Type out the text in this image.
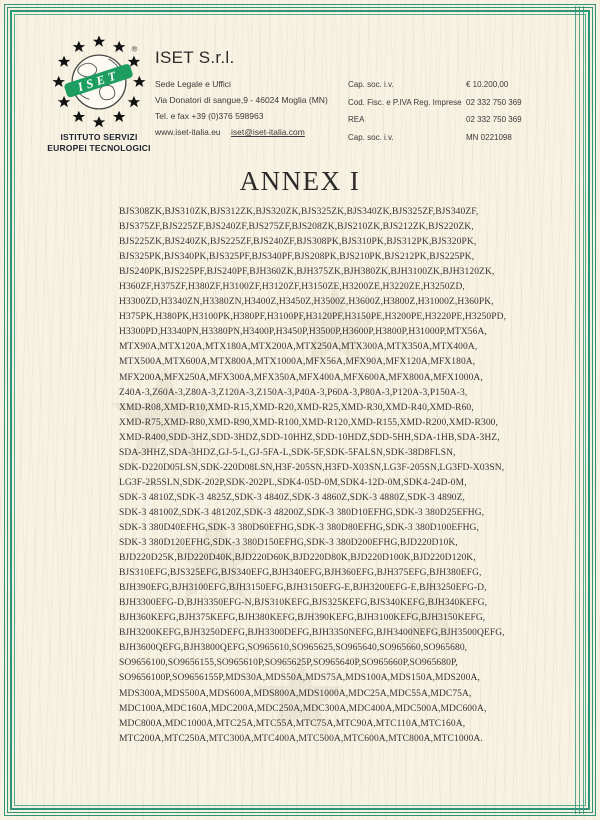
ISET
®
ISTITUTO SERVIZI
EUROPEI TECNOLOGICI
ISET S.r.l.
Sede Legale e Uffici
Via Donatori di sangue,9 - 46024 Moglia (MN)
Tel. e fax +39 (0)376 598963
www.iset-italia.eu iset@iset-italia.com
Cap. soc. i.v.	€ 10.200,00
Cod. Fisc. e P.IVA Reg. Imprese 02 332 750 369
REA	02 332 750 369
Cap. soc. i.v.	MN 0221098
ANNEX I
BJS308ZK,BJS310ZK,BJS312ZK,BJS320ZK,BJS325ZK,BJS340ZK,BJS325ZF,BJS340ZF,
BJS375ZF,BJS225ZF,BJS240ZF,BJS275ZF,BJS208ZK,BJS210ZK,BJS212ZK,BJS220ZK,
BJS225ZK,BJS240ZK,BJS225ZF,BJS240ZF,BJS308PK,BJS310PK,BJS312PK,BJS320PK,
BJS325PK,BJS340PK,BJS325PF,BJS340PF,BJS208PK,BJS210PK,BJS212PK,BJS225PK,
BJS240PK,BJS225PF,BJS240PF,BJH360ZK,BJH375ZK,BJH380ZK,BJH3100ZK,BJH3120ZK,
H360ZF,H375ZF,H380ZF,H3100ZF,H3120ZF,H3150ZE,H3200ZE,H3220ZE,H3250ZD,
H3300ZD,H3340ZN,H3380ZN,H3400Z,H3450Z,H3500Z,H3600Z,H3800Z,H31000Z,H360PK,
H375PK,H380PK,H3100PK,H380PF,H3100PF,H3120PF,H3150PE,H3200PE,H3220PE,H3250PD,
H3300PD,H3340PN,H3380PN,H3400P,H3450P,H3500P,H3600P,H3800P,H31000P,MTX56A,
MTX90A,MTX120A,MTX180A,MTX200A,MTX250A,MTX300A,MTX350A,MTX400A,
MTX500A,MTX600A,MTX800A,MTX1000A,MFX56A,MFX90A,MFX120A,MFX180A,
MFX200A,MFX250A,MFX300A,MFX350A,MFX400A,MFX600A,MFX800A,MFX1000A,
Z40A-3,Z60A-3,Z80A-3,Z120A-3,Z150A-3,P40A-3,P60A-3,P80A-3,P120A-3,P150A-3,
XMD-R08,XMD-R10,XMD-R15,XMD-R20,XMD-R25,XMD-R30,XMD-R40,XMD-R60,
XMD-R75,XMD-R80,XMD-R90,XMD-R100,XMD-R120,XMD-R155,XMD-R200,XMD-R300,
XMD-R400,SDD-3HZ,SDD-3HDZ,SDD-10HHZ,SDD-10HDZ,SDD-5HH,SDA-1HB,SDA-3HZ,
SDA-3HHZ,SDA-3HDZ,GJ-5-L,GJ-5FA-L,SDK-5F,SDK-5FALSN,SDK-38D8FLSN,
SDK-D220D05LSN,SDK-220D08LSN,H3F-205SN,H3FD-X03SN,LG3F-205SN,LG3FD-X03SN,
LG3F-2R5SLN,SDK-202P,SDK-202PL,SDK4-05D-0M,SDK4-12D-0M,SDK4-24D-0M,
SDK-3 4810Z,SDK-3 4825Z,SDK-3 4840Z,SDK-3 4860Z,SDK-3 4880Z,SDK-3 4890Z,
SDK-3 48100Z,SDK-3 48120Z,SDK-3 48200Z,SDK-3 380D10EFHG,SDK-3 380D25EFHG,
SDK-3 380D40EFHG,SDK-3 380D60EFHG,SDK-3 380D80EFHG,SDK-3 380D100EFHG,
SDK-3 380D120EFHG,SDK-3 380D150EFHG,SDK-3 380D200EFHG,BJD220D10K,
BJD220D25K,BJD220D40K,BJD220D60K,BJD220D80K,BJD220D100K,BJD220D120K,
BJS310EFG,BJS325EFG,BJS340EFG,BJH340EFG,BJH360EFG,BJH375EFG,BJH380EFG,
BJH390EFG,BJH3100EFG,BJH3150EFG,BJH3150EFG-E,BJH3200EFG-E,BJH3250EFG-D,
BJH3300EFG-D,BJH3350EFG-N,BJS310KEFG,BJS325KEFG,BJS340KEFG,BJH340KEFG,
BJH360KEFG,BJH375KEFG,BJH380KEFG,BJH390KEFG,BJH3100KEFG,BJH3150KEFG,
BJH3200KEFG,BJH3250DEFG,BJH3300DEFG,BJH3350NEFG,BJH3400NEFG,BJH3500QEFG,
BJH3600QEFG,BJH3800QEFG,SO965610,SO965625,SO965640,SO965660,SO965680,
SO9656100,SO9656155,SO965610P,SO965625P,SO965640P,SO965660P,SO965680P,
SO9656100P,SO9656155P,MDS30A,MDS50A,MDS75A,MDS100A,MDS150A,MDS200A,
MDS300A,MDS500A,MDS600A,MDS800A,MDS1000A,MDC25A,MDC55A,MDC75A,
MDC100A,MDC160A,MDC200A,MDC250A,MDC300A,MDC400A,MDC500A,MDC600A,
MDC800A,MDC1000A,MTC25A,MTC55A,MTC75A,MTC90A,MTC110A,MTC160A,
MTC200A,MTC250A,MTC300A,MTC400A,MTC500A,MTC600A,MTC800A,MTC1000A.
